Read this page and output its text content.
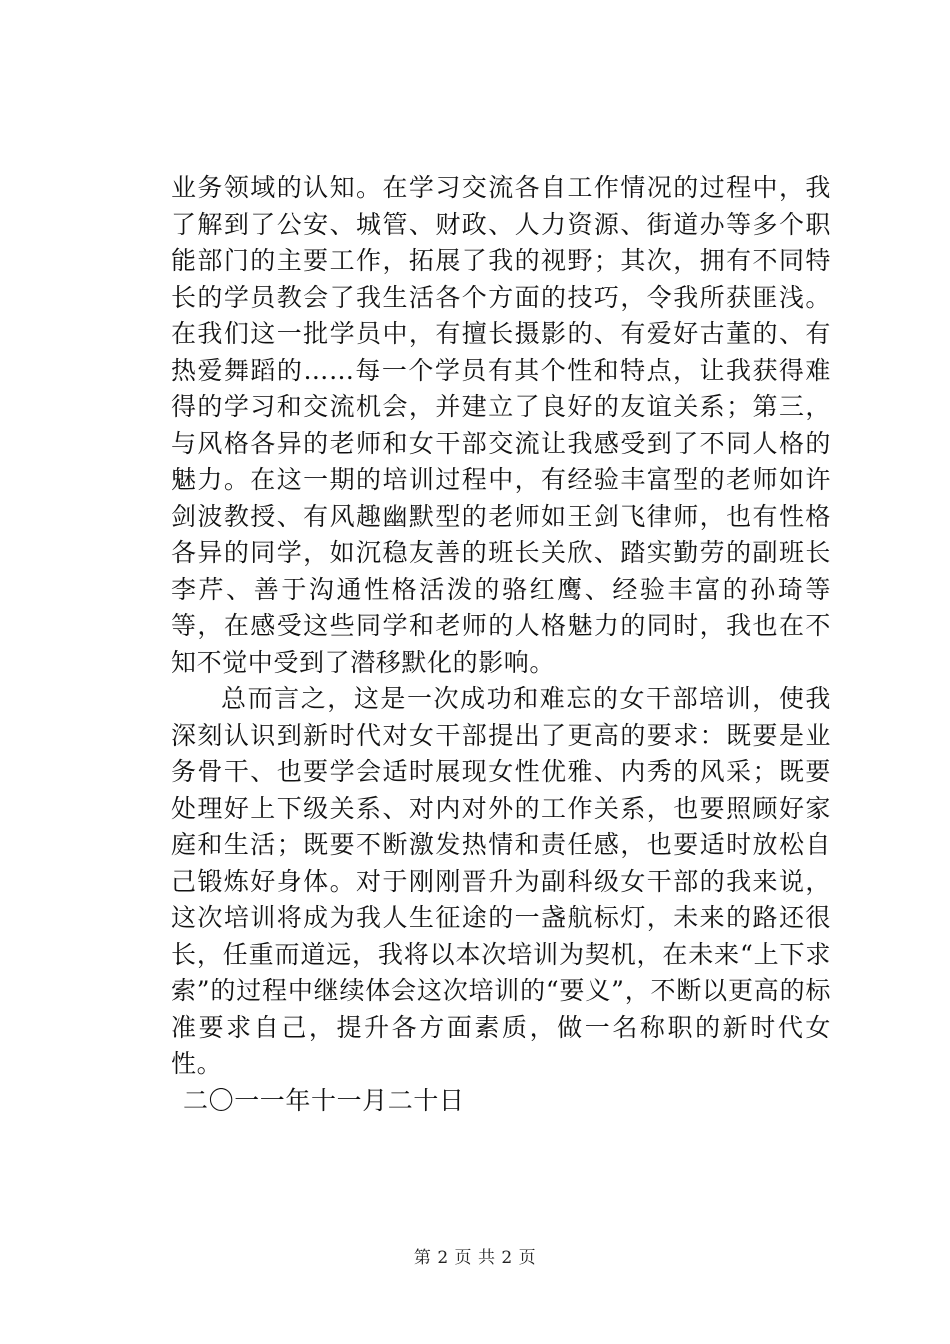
业务领域的认知。在学习交流各自工作情况的过程中，我了解到了公安、城管、财政、人力资源、街道办等多个职能部门的主要工作，拓展了我的视野；其次，拥有不同特长的学员教会了我生活各个方面的技巧，令我所获匪浅。在我们这一批学员中，有擅长摄影的、有爱好古董的、有热爱舞蹈的……每一个学员有其个性和特点，让我获得难得的学习和交流机会，并建立了良好的友谊关系；第三，与风格各异的老师和女干部交流让我感受到了不同人格的魅力。在这一期的培训过程中，有经验丰富型的老师如许剑波教授、有风趣幽默型的老师如王剑飞律师，也有性格各异的同学，如沉稳友善的班长关欣、踏实勤劳的副班长李芹、善于沟通性格活泼的骆红鹰、经验丰富的孙琦等等，在感受这些同学和老师的人格魅力的同时，我也在不知不觉中受到了潜移默化的影响。

总而言之，这是一次成功和难忘的女干部培训，使我深刻认识到新时代对女干部提出了更高的要求：既要是业务骨干、也要学会适时展现女性优雅、内秀的风采；既要处理好上下级关系、对内对外的工作关系，也要照顾好家庭和生活；既要不断激发热情和责任感，也要适时放松自己锻炼好身体。对于刚刚晋升为副科级女干部的我来说，这次培训将成为我人生征途的一盏航标灯，未来的路还很长，任重而道远，我将以本次培训为契机，在未来“上下求索”的过程中继续体会这次培训的“要义”，不断以更高的标准要求自己，提升各方面素质，做一名称职的新时代女性。

二〇一一年十一月二十日

第 2 页 共 2 页
